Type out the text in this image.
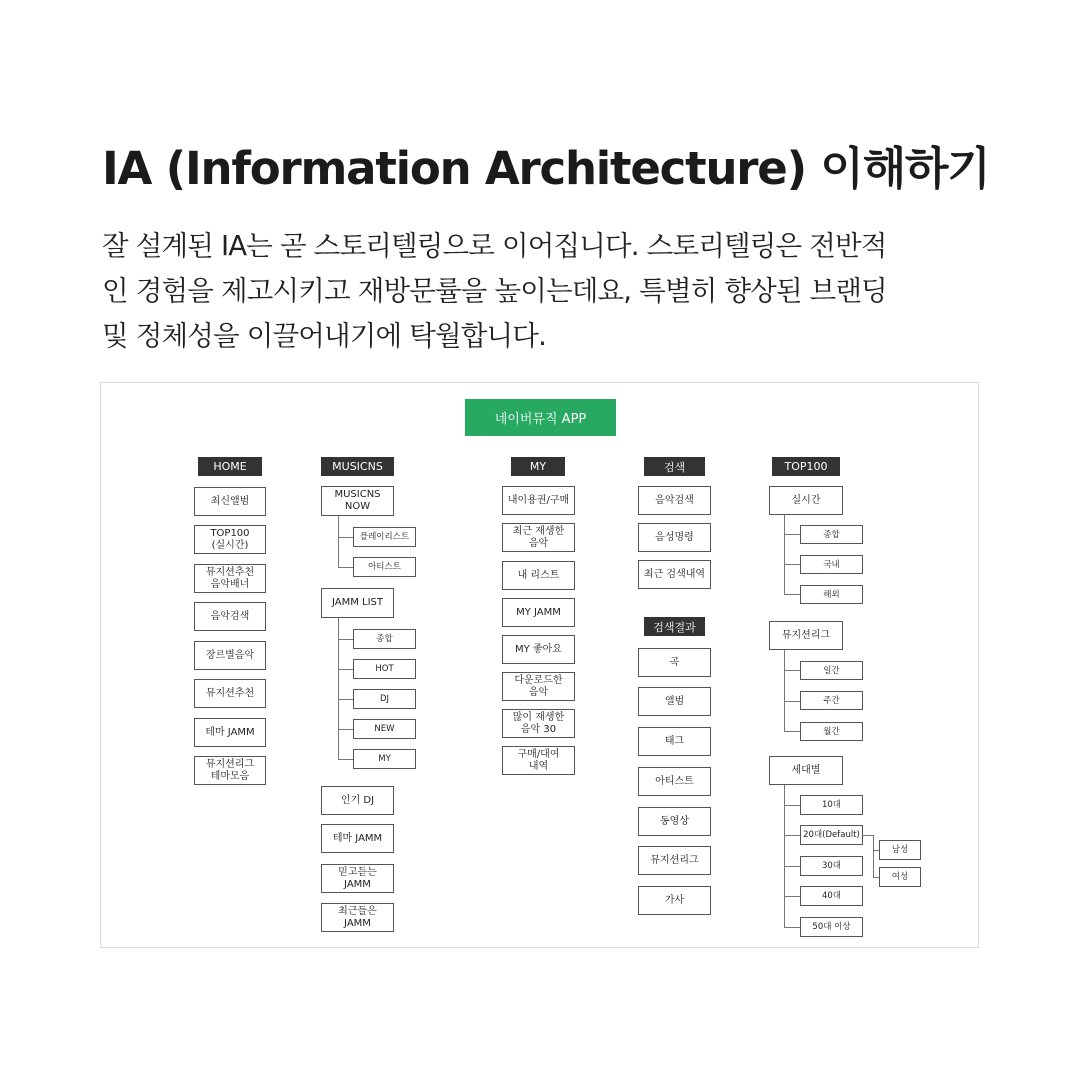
IA (Information Architecture) 이해하기
잘 설계된 IA는 곧 스토리텔링으로 이어집니다. 스토리텔링은 전반적
인 경험을 제고시키고 재방문률을 높이는데요, 특별히 향상된 브랜딩
및 정체성을 이끌어내기에 탁월합니다.
네이버뮤직 APP
HOME
최신앨범
TOP100
(실시간)
뮤지션추천
음악배너
음악검색
장르별음악
뮤지션추천
테마 JAMM
뮤지션리그
테마모음
MUSICNS
MUSICNS
NOW
플레이리스트
아티스트
JAMM LIST
종합
HOT
DJ
NEW
MY
인기 DJ
테마 JAMM
믿고듣는
JAMM
최근들은
JAMM
MY
내이용권/구매
최근 재생한
음악
내 리스트
MY JAMM
MY 좋아요
다운로드한
음악
많이 재생한
음악 30
구매/대여
내역
검색
음악검색
음성명령
최근 검색내역
검색결과
곡
앨범
태그
아티스트
동영상
뮤지션리그
가사
TOP100
실시간
종합
국내
해외
뮤지션리그
일간
주간
월간
세대별
10대
20대(Default)
30대
40대
50대 이상
남성
여성
